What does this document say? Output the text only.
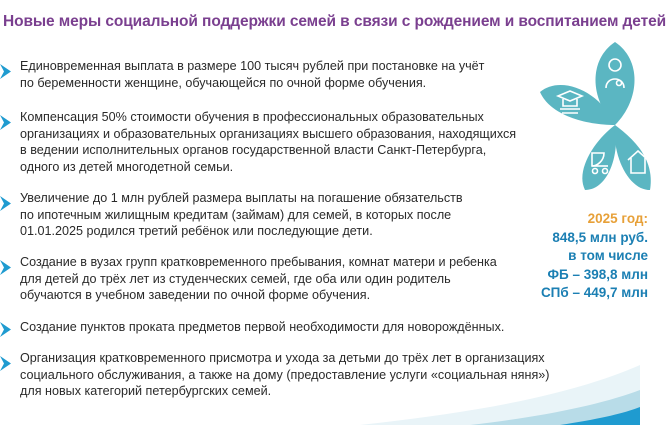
Новые меры социальной поддержки семей в связи с рождением и воспитанием детей
Единовременная выплата в размере 100 тысяч рублей при постановке на учёт
по беременности женщине, обучающейся по очной форме обучения.
Компенсация 50% стоимости обучения в профессиональных образовательных
организациях и образовательных организациях высшего образования, находящихся
в ведении исполнительных органов государственной власти Санкт-Петербурга,
одного из детей многодетной семьи.
Увеличение до 1 млн рублей размера выплаты на погашение обязательств
по ипотечным жилищным кредитам (займам) для семей, в которых после
01.01.2025 родился третий ребёнок или последующие дети.
Создание в вузах групп кратковременного пребывания, комнат матери и ребенка
для детей до трёх лет из студенческих семей, где оба или один родитель
обучаются в учебном заведении по очной форме обучения.
Создание пунктов проката предметов первой необходимости для новорождённых.
Организация кратковременного присмотра и ухода за детьми до трёх лет в организациях
социального обслуживания, а также на дому (предоставление услуги «социальная няня»)
для новых категорий петербургских семей.
2025 год:
848,5 млн руб.
в том числе
ФБ – 398,8 млн
СПб – 449,7 млн
